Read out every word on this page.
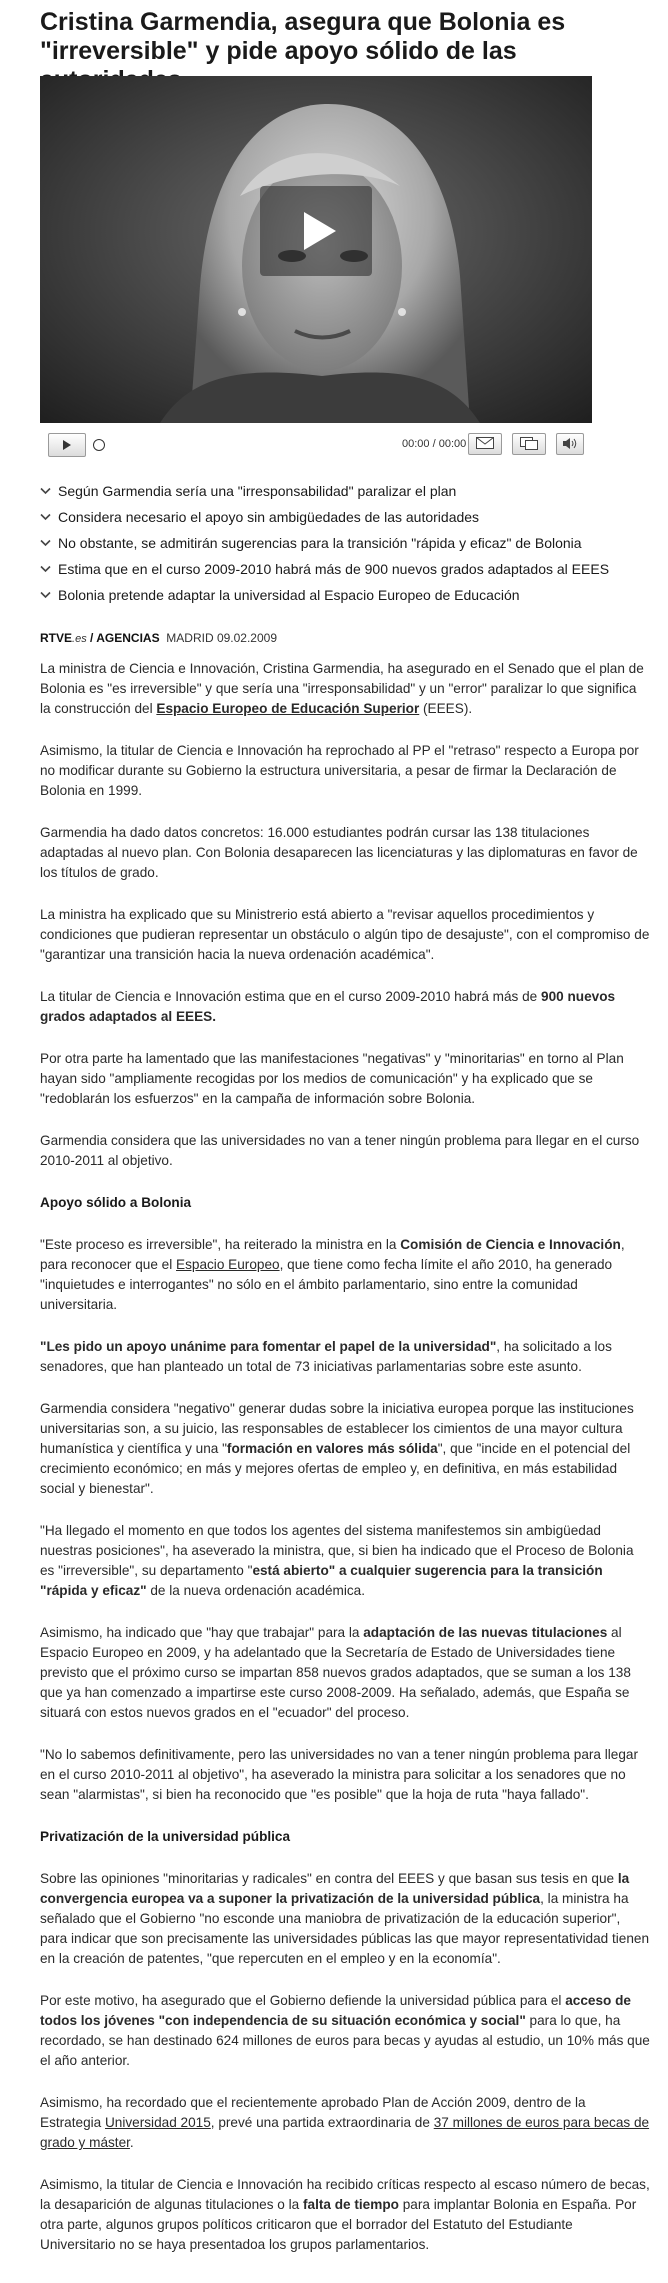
Cristina Garmendia, asegura que Bolonia es "irreversible" y pide apoyo sólido de las
00:00 / 00:00
Según Garmendia sería una "irresponsabilidad" paralizar el plan
Considera necesario el apoyo sin ambigüedades de las autoridades
No obstante, se admitirán sugerencias para la transición "rápida y eficaz" de Bolonia
Estima que en el curso 2009-2010 habrá más de 900 nuevos grados adaptados al EEES
Bolonia pretende adaptar la universidad al Espacio Europeo de Educación
RTVE.es / AGENCIAS  MADRID 09.02.2009

La ministra de Ciencia e Innovación, Cristina Garmendia, ha asegurado en el Senado que el plan de Bolonia es "es irreversible" y que sería una "irresponsabilidad" y un "error" paralizar lo que significa la construcción del Espacio Europeo de Educación Superior (EEES).

Asimismo, la titular de Ciencia e Innovación ha reprochado al PP el "retraso" respecto a Europa por no modificar durante su Gobierno la estructura universitaria, a pesar de firmar la Declaración de Bolonia en 1999.

Garmendia ha dado datos concretos: 16.000 estudiantes podrán cursar las 138 titulaciones adaptadas al nuevo plan. Con Bolonia desaparecen las licenciaturas y las diplomaturas en favor de los títulos de grado.

La ministra ha explicado que su Ministrerio está abierto a "revisar aquellos procedimientos y condiciones que pudieran representar un obstáculo o algún tipo de desajuste", con el compromiso de "garantizar una transición hacia la nueva ordenación académica".

La titular de Ciencia e Innovación estima que en el curso 2009-2010 habrá más de 900 nuevos grados adaptados al EEES.

Por otra parte ha lamentado que las manifestaciones "negativas" y "minoritarias" en torno al Plan hayan sido "ampliamente recogidas por los medios de comunicación" y ha explicado que se "redoblarán los esfuerzos" en la campaña de información sobre Bolonia.

Garmendia considera que las universidades no van a tener ningún problema para llegar en el curso 2010-2011 al objetivo.

Apoyo sólido a Bolonia

"Este proceso es irreversible", ha reiterado la ministra en la Comisión de Ciencia e Innovación, para reconocer que el Espacio Europeo, que tiene como fecha límite el año 2010, ha generado "inquietudes e interrogantes" no sólo en el ámbito parlamentario, sino entre la comunidad universitaria.

"Les pido un apoyo unánime para fomentar el papel de la universidad", ha solicitado a los senadores, que han planteado un total de 73 iniciativas parlamentarias sobre este asunto.

Garmendia considera "negativo" generar dudas sobre la iniciativa europea porque las instituciones universitarias son, a su juicio, las responsables de establecer los cimientos de una mayor cultura humanística y científica y una "formación en valores más sólida", que "incide en el potencial del crecimiento económico; en más y mejores ofertas de empleo y, en definitiva, en más estabilidad social y bienestar".

"Ha llegado el momento en que todos los agentes del sistema manifestemos sin ambigüedad nuestras posiciones", ha aseverado la ministra, que, si bien ha indicado que el Proceso de Bolonia es "irreversible", su departamento "está abierto" a cualquier sugerencia para la transición "rápida y eficaz" de la nueva ordenación académica.

Asimismo, ha indicado que "hay que trabajar" para la adaptación de las nuevas titulaciones al Espacio Europeo en 2009, y ha adelantado que la Secretaría de Estado de Universidades tiene previsto que el próximo curso se impartan 858 nuevos grados adaptados, que se suman a los 138 que ya han comenzado a impartirse este curso 2008-2009. Ha señalado, además, que España se situará con estos nuevos grados en el "ecuador" del proceso.

"No lo sabemos definitivamente, pero las universidades no van a tener ningún problema para llegar en el curso 2010-2011 al objetivo", ha aseverado la ministra para solicitar a los senadores que no sean "alarmistas", si bien ha reconocido que "es posible" que la hoja de ruta "haya fallado".

Privatización de la universidad pública

Sobre las opiniones "minoritarias y radicales" en contra del EEES y que basan sus tesis en que la convergencia europea va a suponer la privatización de la universidad pública, la ministra ha señalado que el Gobierno "no esconde una maniobra de privatización de la educación superior", para indicar que son precisamente las universidades públicas las que mayor representatividad tienen en la creación de patentes, "que repercuten en el empleo y en la economía".

Por este motivo, ha asegurado que el Gobierno defiende la universidad pública para el acceso de todos los jóvenes "con independencia de su situación económica y social" para lo que, ha recordado, se han destinado 624 millones de euros para becas y ayudas al estudio, un 10% más que el año anterior.

Asimismo, ha recordado que el recientemente aprobado Plan de Acción 2009, dentro de la Estrategia Universidad 2015, prevé una partida extraordinaria de 37 millones de euros para becas de grado y máster.

Asimismo, la titular de Ciencia e Innovación ha recibido críticas respecto al escaso número de becas, la desaparición de algunas titulaciones o la falta de tiempo para implantar Bolonia en España. Por otra parte, algunos grupos políticos criticaron que el borrador del Estatuto del Estudiante Universitario no se haya presentadoa los grupos parlamentarios.
